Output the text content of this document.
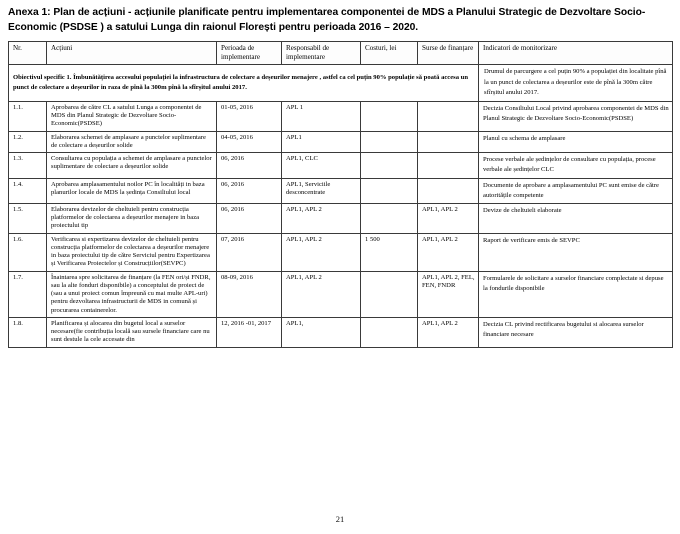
Anexa 1: Plan de acțiuni - acțiunile planificate pentru implementarea componentei de MDS a Planului Strategic de Dezvoltare Socio-Economic (PSDSE ) a satului Lunga din raionul Florești pentru perioada 2016 – 2020.
Nr.	Acțiuni	Perioada de implementare	Responsabil de implementare	Costuri, lei	Surse de finanțare	Indicatori de monitorizare
Obiectivul specific 1. Îmbunătățirea accesului populației la infrastructura de colectare a deșeurilor menajere , astfel ca cel puțin 90% populație să poată accesa un punct de colectare a deșeurilor in raza de pînă la 300m pînă la sfîrșitul anului 2017.						Drumul de parcurgere a cel puțin 90% a populației din localitate pînă la un punct de colectarea a deșeurilor este de pînă la 300m către sfîrșitul anului 2017.
1.1.	Aprobarea de către CL a satului Lunga a componentei de MDS din Planul Strategic de Dezvoltare Socio-Economic(PSDSE)	01-05, 2016	APL 1			Decizia Consiliului Local privind aprobarea componentei de MDS din Planul Strategic de Dezvoltare Socio-Economic(PSDSE)
1.2.	Elaborarea schemei de amplasare a punctelor suplimentare de colectare a deșeurilor solide	04-05, 2016	APL1			Planul cu schema de amplasare
1.3.	Consultarea cu populația a schemei de amplasare a punctelor suplimentare de colectare a deșeurilor solide	06, 2016	APL1, CLC			Procese verbale ale ședințelor de consultare cu populația, procese verbale ale ședințelor CLC
1.4.	Aprobarea amplasamentului noilor PC în localități in baza planurilor locale de MDS la ședința Consiliului local	06, 2016	APL1, Serviciile desconcentrate			Documente de aprobare a amplasamentului PC sunt emise de către autoritățile competente
1.5.	Elaborarea devizelor de cheltuieli pentru construcția platformelor de colectarea a deșeurilor menajere in baza proiectului tip	06, 2016	APL1, APL 2		APL1, APL 2	Devize de cheltuieli elaborate
1.6.	Verificarea si expertizarea devizelor de cheltuieli pentru construcția platformelor de colectarea a deșeurilor menajere in baza proiectului tip de către Serviciul pentru Expertizarea și Verificarea Proiectelor și Construcțiilor(SEVPC)	07, 2016	APL1, APL 2	1 500	APL1, APL 2	Raport de verificare emis de SEVPC
1.7.	Înaintarea spre solicitarea de finanțare (la FEN ori/și FNDR, sau la alte fonduri disponibile) a conceptului de proiect de (sau a unui proiect comun împreună cu mai multe APL-uri) pentru dezvoltarea infrastructurii de MDS in comună și procurarea containerelor.	08-09, 2016	APL1, APL 2		APL1, APL 2, FEL, FEN, FNDR	Formularele de solicitare a surselor financiare complectate si depuse la fondurile disponibile
1.8.	Planificarea și alocarea din bugetul local a surselor necesare(fie contribuția locală sau sursele financiare care nu sunt destule la cele accesate din	12, 2016 -01, 2017	APL1,		APL1, APL 2	Decizia CL privind rectificarea bugetului si alocarea surselor financiare necesare
21
